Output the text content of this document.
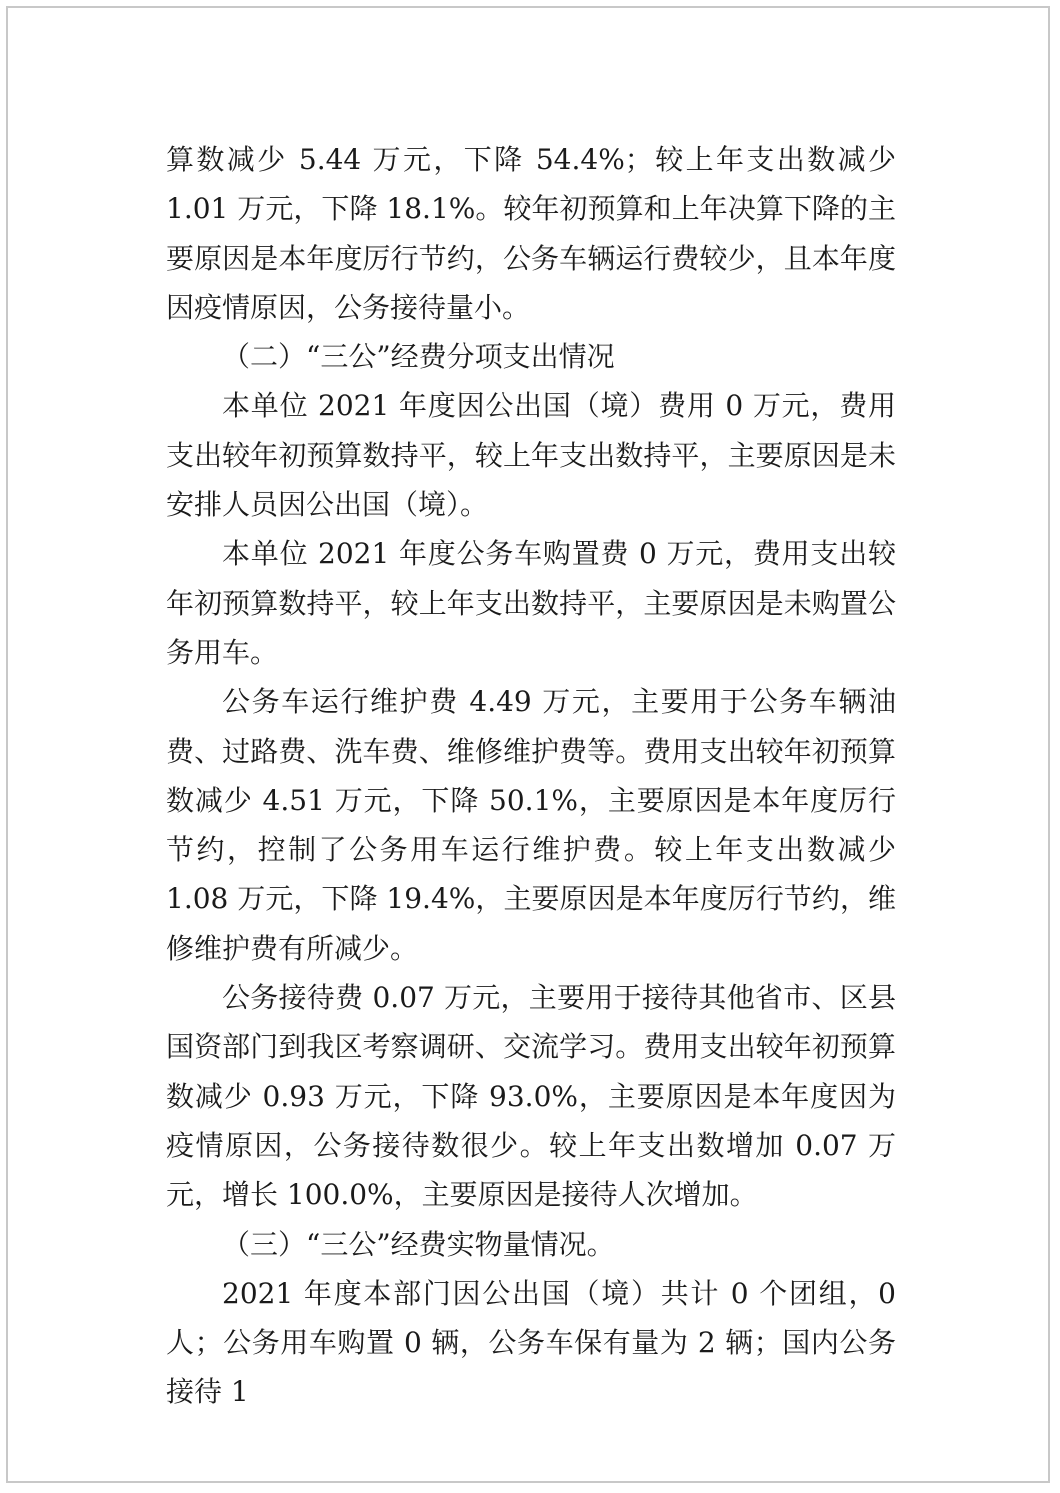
算数减少 5.44 万元，下降 54.4%；较上年支出数减少 1.01 万元，下降 18.1%。较年初预算和上年决算下降的主要原因是本年度厉行节约，公务车辆运行费较少，且本年度因疫情原因，公务接待量小。

（二）“三公”经费分项支出情况

本单位 2021 年度因公出国（境）费用 0 万元，费用支出较年初预算数持平，较上年支出数持平，主要原因是未安排人员因公出国（境）。

本单位 2021 年度公务车购置费 0 万元，费用支出较年初预算数持平，较上年支出数持平，主要原因是未购置公务用车。

公务车运行维护费 4.49 万元，主要用于公务车辆油费、过路费、洗车费、维修维护费等。费用支出较年初预算数减少 4.51 万元，下降 50.1%，主要原因是本年度厉行节约，控制了公务用车运行维护费。较上年支出数减少 1.08 万元，下降 19.4%，主要原因是本年度厉行节约，维修维护费有所减少。

公务接待费 0.07 万元，主要用于接待其他省市、区县国资部门到我区考察调研、交流学习。费用支出较年初预算数减少 0.93 万元，下降 93.0%，主要原因是本年度因为疫情原因，公务接待数很少。较上年支出数增加 0.07 万元，增长 100.0%，主要原因是接待人次增加。

（三）“三公”经费实物量情况。

2021 年度本部门因公出国（境）共计 0 个团组，0 人；公务用车购置 0 辆，公务车保有量为 2 辆；国内公务接待 1
